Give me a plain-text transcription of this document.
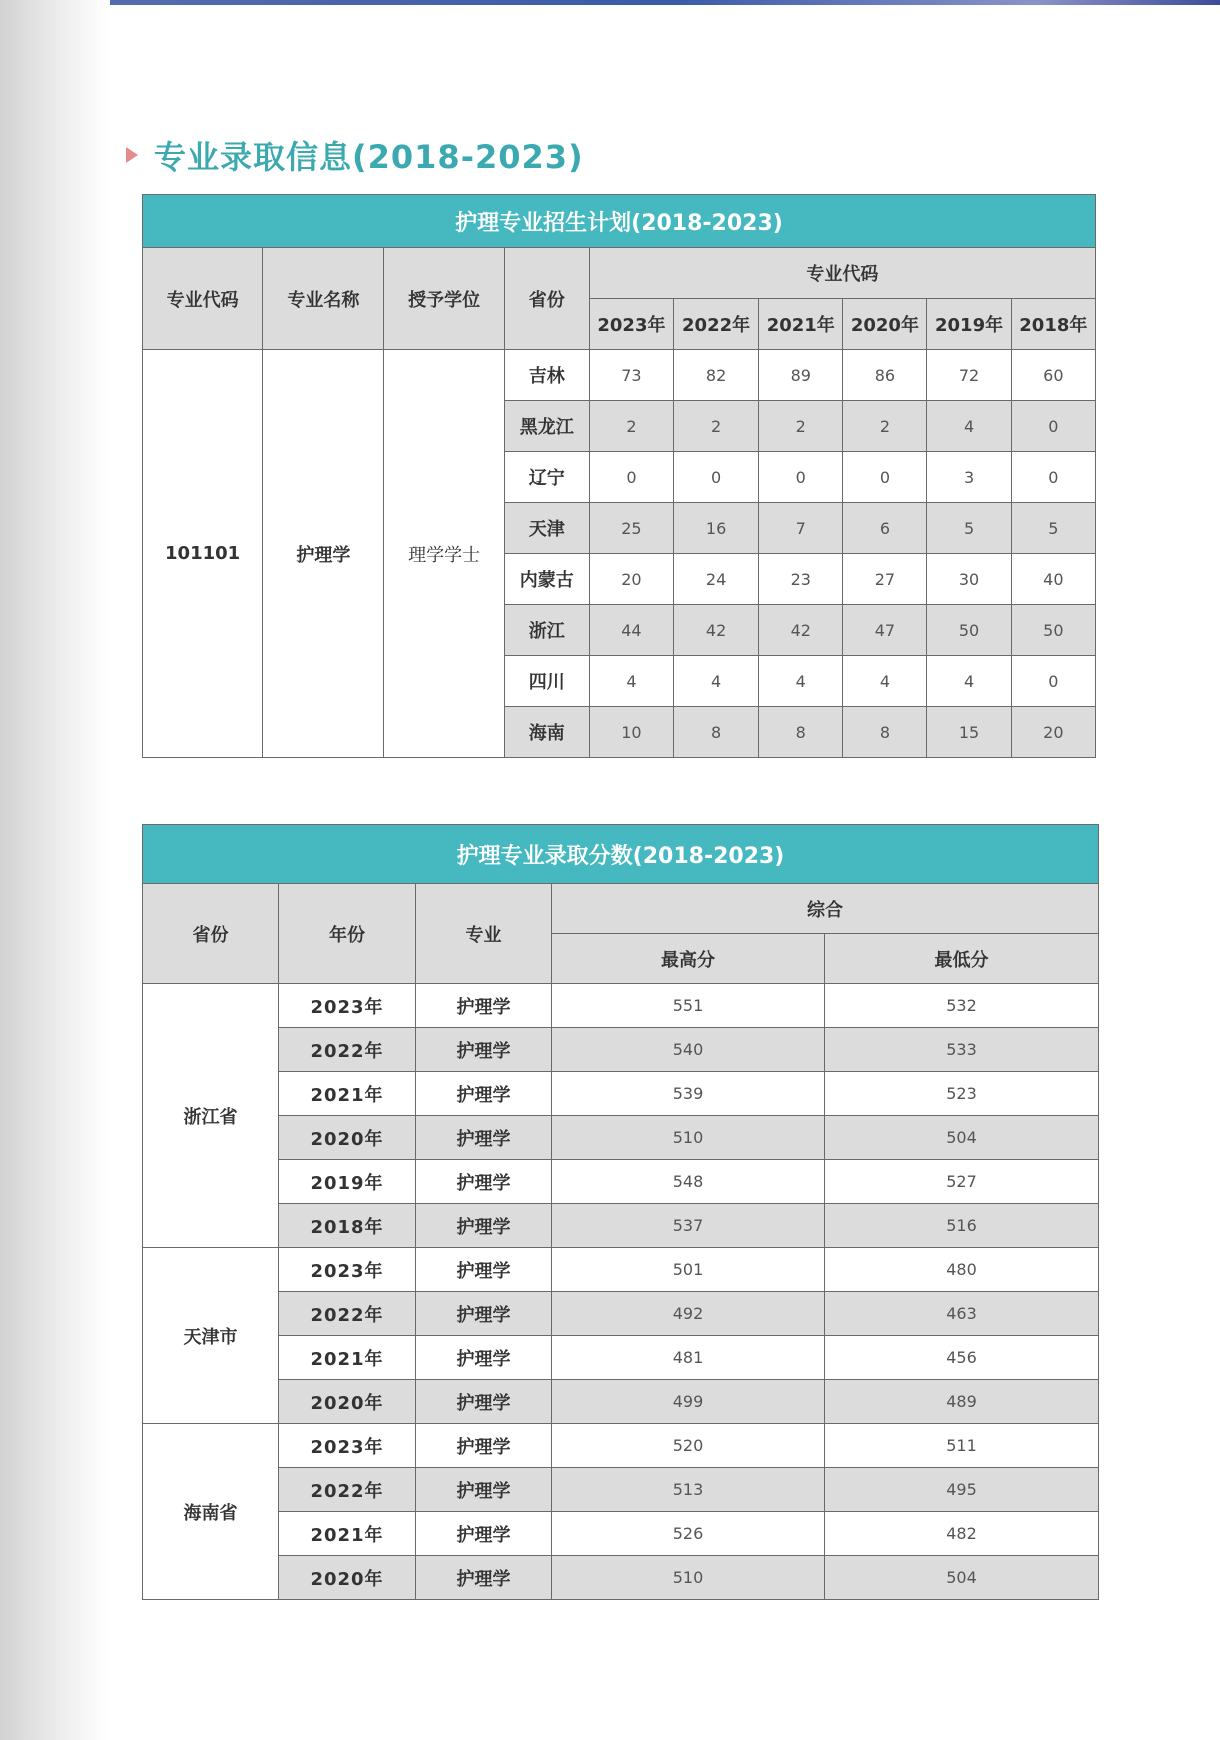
专业录取信息(2018-2023)
护理专业招生计划(2018-2023)									
专业代码	专业名称	授予学位	省份	专业代码					
				2023年	2022年	2021年	2020年	2019年	2018年
101101	护理学	理学学士	吉林	73	82	89	86	72	60
			黑龙江	2	2	2	2	4	0
			辽宁	0	0	0	0	3	0
			天津	25	16	7	6	5	5
			内蒙古	20	24	23	27	30	40
			浙江	44	42	42	47	50	50
			四川	4	4	4	4	4	0
			海南	10	8	8	8	15	20
护理专业录取分数(2018-2023)				
省份	年份	专业	综合	
			最高分	最低分
浙江省	2023年	护理学	551	532
	2022年	护理学	540	533
	2021年	护理学	539	523
	2020年	护理学	510	504
	2019年	护理学	548	527
	2018年	护理学	537	516
天津市	2023年	护理学	501	480
	2022年	护理学	492	463
	2021年	护理学	481	456
	2020年	护理学	499	489
海南省	2023年	护理学	520	511
	2022年	护理学	513	495
	2021年	护理学	526	482
	2020年	护理学	510	504
